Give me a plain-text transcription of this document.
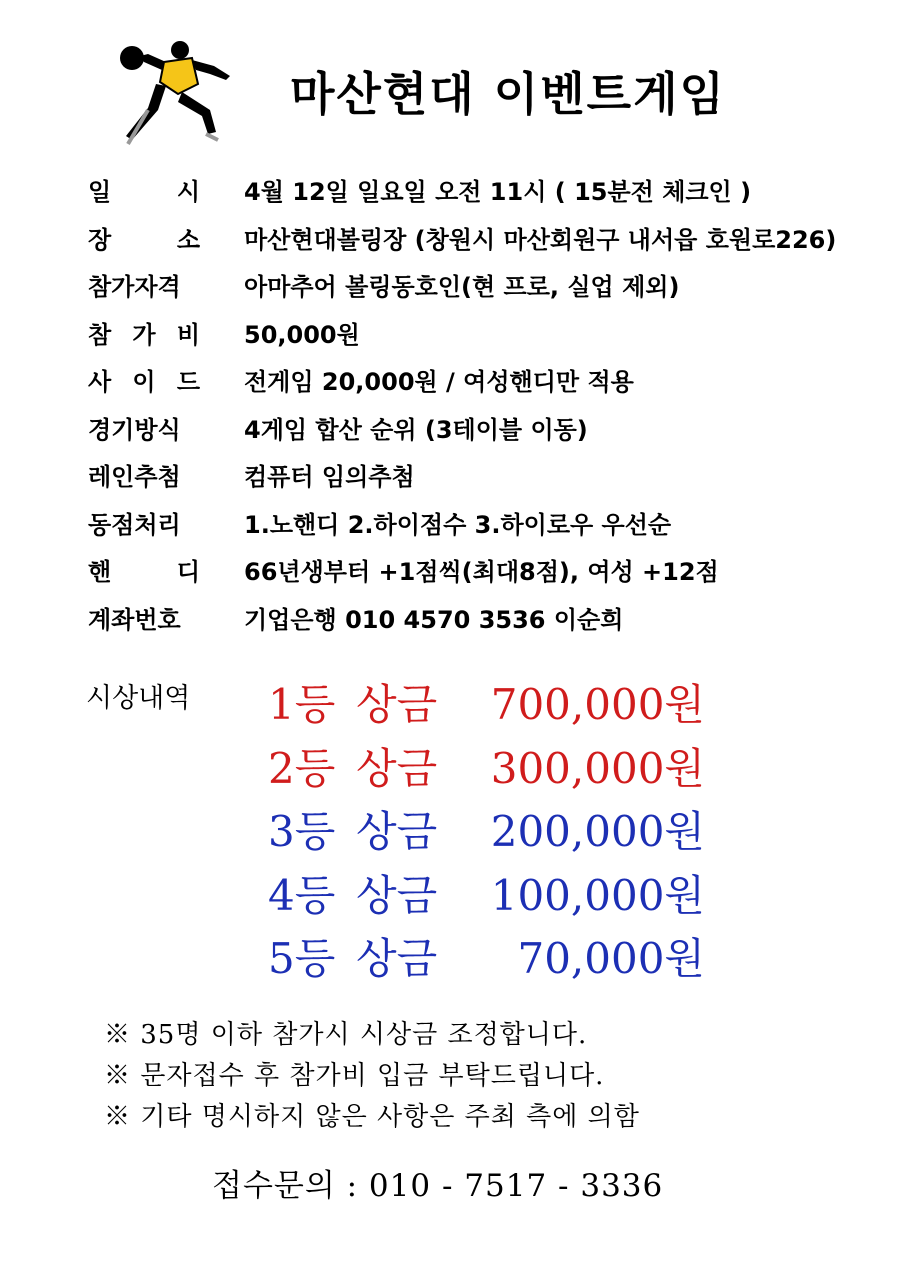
마산현대 이벤트게임
일	시 4월 12일 일요일 오전 11시 ( 15분전 체크인 )
장	소 마산현대볼링장 (창원시 마산회원구 내서읍 호원로226)
참가자격	아마추어 볼링동호인(현 프로, 실업 제외)
참 가 비 50,000원
사 이 드 전게임 20,000원 / 여성핸디만 적용
경기방식	4게임 합산 순위 (3테이블 이동)
레인추첨	컴퓨터 임의추첨
동점처리	1.노핸디 2.하이점수 3.하이로우 우선순
핸	디 66년생부터 +1점씩(최대8점), 여성 +12점
계좌번호	기업은행 010 4570 3536 이순희
시상내역 1등 상금 700,000원
2등 상금 300,000원
3등 상금 200,000원
4등 상금 100,000원
5등 상금 70,000원
※ 35명 이하 참가시 시상금 조정합니다.
※ 문자접수 후 참가비 입금 부탁드립니다.
※ 기타 명시하지 않은 사항은 주최 측에 의함
접수문의 : 010 - 7517 - 3336
